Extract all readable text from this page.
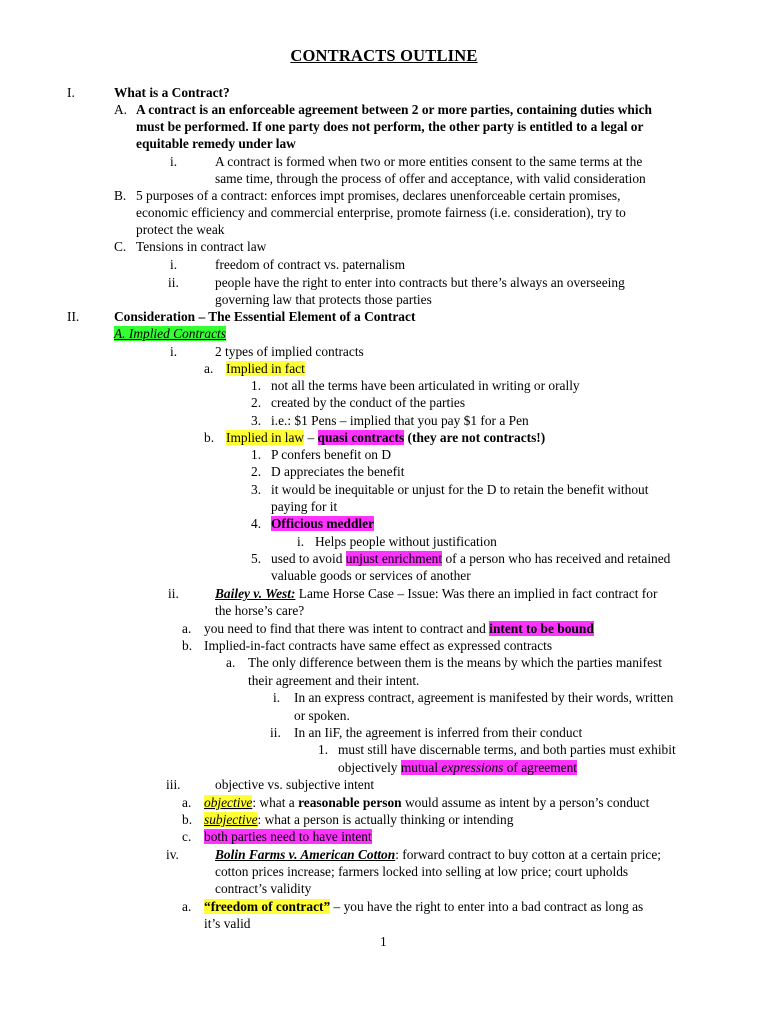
CONTRACTS OUTLINE
I.	What is a Contract?
A. A contract is an enforceable agreement between 2 or more parties, containing duties which
must be performed. If one party does not perform, the other party is entitled to a legal or
equitable remedy under law
i.	A contract is formed when two or more entities consent to the same terms at the
same time, through the process of offer and acceptance, with valid consideration
B. 5 purposes of a contract: enforces impt promises, declares unenforceable certain promises,
economic efficiency and commercial enterprise, promote fairness (i.e. consideration), try to
protect the weak
C. Tensions in contract law
i.	freedom of contract vs. paternalism
ii.	people have the right to enter into contracts but there’s always an overseeing
governing law that protects those parties
II.	Consideration – The Essential Element of a Contract
A. Implied Contracts
i.	2 types of implied contracts
a. Implied in fact
1. not all the terms have been articulated in writing or orally
2. created by the conduct of the parties
3. i.e.: $1 Pens – implied that you pay $1 for a Pen
b. Implied in law – quasi contracts (they are not contracts!)
1. P confers benefit on D
2. D appreciates the benefit
3. it would be inequitable or unjust for the D to retain the benefit without
paying for it
4. Officious meddler
i. Helps people without justification
5. used to avoid unjust enrichment of a person who has received and retained
valuable goods or services of another
ii.	Bailey v. West: Lame Horse Case – Issue: Was there an implied in fact contract for
the horse’s care?
a. you need to find that there was intent to contract and intent to be bound
b. Implied-in-fact contracts have same effect as expressed contracts
a. The only difference between them is the means by which the parties manifest
their agreement and their intent.
i. In an express contract, agreement is manifested by their words, written
or spoken.
ii. In an IiF, the agreement is inferred from their conduct
1. must still have discernable terms, and both parties must exhibit
objectively mutual expressions of agreement
iii.	objective vs. subjective intent
a. objective: what a reasonable person would assume as intent by a person’s conduct
b. subjective: what a person is actually thinking or intending
c. both parties need to have intent
iv.	Bolin Farms v. American Cotton: forward contract to buy cotton at a certain price;
cotton prices increase; farmers locked into selling at low price; court upholds
contract’s validity
a. “freedom of contract” – you have the right to enter into a bad contract as long as
it’s valid
1
